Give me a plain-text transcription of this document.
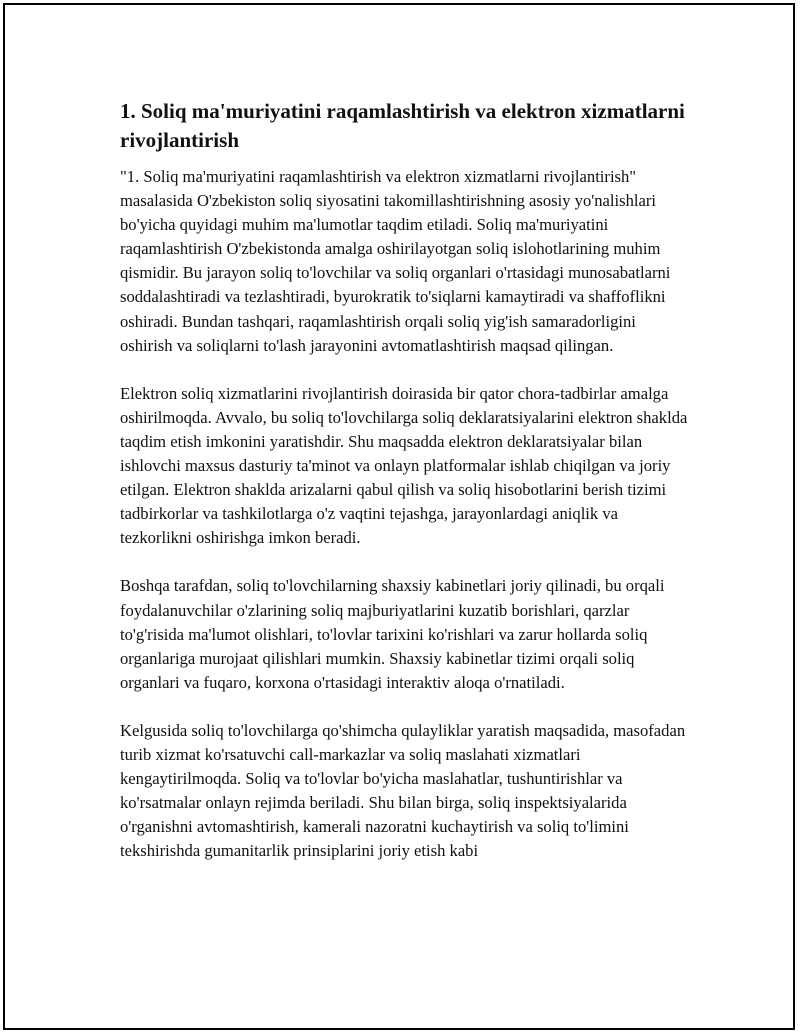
1. Soliq ma'muriyatini raqamlashtirish va elektron xizmatlarni rivojlantirish

"1. Soliq ma'muriyatini raqamlashtirish va elektron xizmatlarni rivojlantirish" masalasida O'zbekiston soliq siyosatini takomillashtirishning asosiy yo'nalishlari bo'yicha quyidagi muhim ma'lumotlar taqdim etiladi. Soliq ma'muriyatini raqamlashtirish O'zbekistonda amalga oshirilayotgan soliq islohotlarining muhim qismidir. Bu jarayon soliq to'lovchilar va soliq organlari o'rtasidagi munosabatlarni soddalashtiradi va tezlashtiradi, byurokratik to'siqlarni kamaytiradi va shaffoflikni oshiradi. Bundan tashqari, raqamlashtirish orqali soliq yig'ish samaradorligini oshirish va soliqlarni to'lash jarayonini avtomatlashtirish maqsad qilingan.

Elektron soliq xizmatlarini rivojlantirish doirasida bir qator chora-tadbirlar amalga oshirilmoqda. Avvalo, bu soliq to'lovchilarga soliq deklaratsiyalarini elektron shaklda taqdim etish imkonini yaratishdir. Shu maqsadda elektron deklaratsiyalar bilan ishlovchi maxsus dasturiy ta'minot va onlayn platformalar ishlab chiqilgan va joriy etilgan. Elektron shaklda arizalarni qabul qilish va soliq hisobotlarini berish tizimi tadbirkorlar va tashkilotlarga o'z vaqtini tejashga, jarayonlardagi aniqlik va tezkorlikni oshirishga imkon beradi.

Boshqa tarafdan, soliq to'lovchilarning shaxsiy kabinetlari joriy qilinadi, bu orqali foydalanuvchilar o'zlarining soliq majburiyatlarini kuzatib borishlari, qarzlar to'g'risida ma'lumot olishlari, to'lovlar tarixini ko'rishlari va zarur hollarda soliq organlariga murojaat qilishlari mumkin. Shaxsiy kabinetlar tizimi orqali soliq organlari va fuqaro, korxona o'rtasidagi interaktiv aloqa o'rnatiladi.

Kelgusida soliq to'lovchilarga qo'shimcha qulayliklar yaratish maqsadida, masofadan turib xizmat ko'rsatuvchi call-markazlar va soliq maslahati xizmatlari kengaytirilmoqda. Soliq va to'lovlar bo'yicha maslahatlar, tushuntirishlar va ko'rsatmalar onlayn rejimda beriladi. Shu bilan birga, soliq inspektsiyalarida o'rganishni avtomashtirish, kamerali nazoratni kuchaytirish va soliq to'limini tekshirishda gumanitarlik prinsiplarini joriy etish kabi
